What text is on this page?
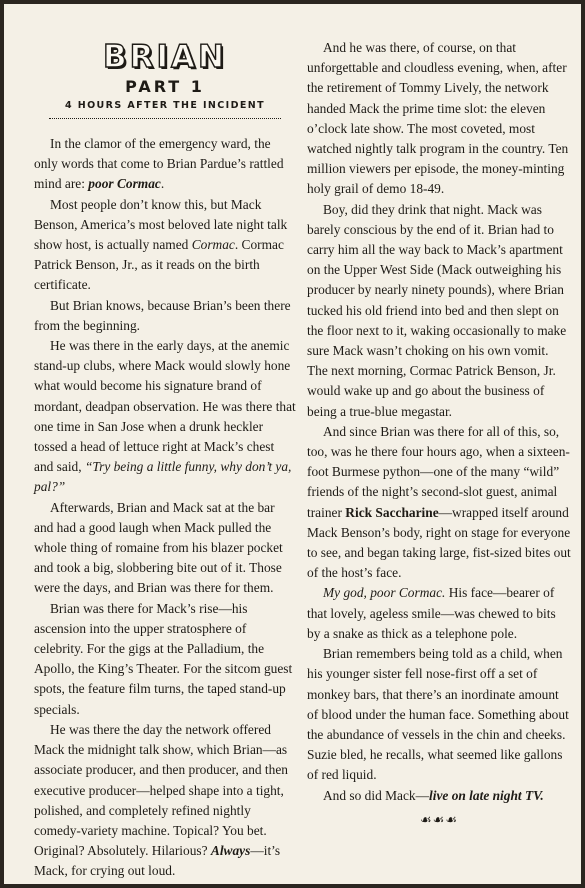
BRIAN
PART 1
4 HOURS AFTER THE INCIDENT

In the clamor of the emergency ward, the only words that come to Brian Pardue’s rattled mind are: poor Cormac.

Most people don’t know this, but Mack Benson, America’s most beloved late night talk show host, is actually named Cormac. Cormac Patrick Benson, Jr., as it reads on the birth certificate.

But Brian knows, because Brian’s been there from the beginning.

He was there in the early days, at the anemic stand-up clubs, where Mack would slowly hone what would become his signature brand of mordant, deadpan observation. He was there that one time in San Jose when a drunk heckler tossed a head of lettuce right at Mack’s chest and said, “Try being a little funny, why don’t ya, pal?”

Afterwards, Brian and Mack sat at the bar and had a good laugh when Mack pulled the whole thing of romaine from his blazer pocket and took a big, slobbering bite out of it. Those were the days, and Brian was there for them.

Brian was there for Mack’s rise—his ascension into the upper stratosphere of celebrity. For the gigs at the Palladium, the Apollo, the King’s Theater. For the sitcom guest spots, the feature film turns, the taped stand-up specials.

He was there the day the network offered Mack the midnight talk show, which Brian—as associate producer, and then producer, and then executive producer—helped shape into a tight, polished, and completely refined nightly comedy-variety machine. Topical? You bet. Original? Absolutely. Hilarious? Always—it’s Mack, for crying out loud.

And he was there, of course, on that unforgettable and cloudless evening, when, after the retirement of Tommy Lively, the network handed Mack the prime time slot: the eleven o’clock late show. The most coveted, most watched nightly talk program in the country. Ten million viewers per episode, the money-minting holy grail of demo 18-49.

Boy, did they drink that night. Mack was barely conscious by the end of it. Brian had to carry him all the way back to Mack’s apartment on the Upper West Side (Mack outweighing his producer by nearly ninety pounds), where Brian tucked his old friend into bed and then slept on the floor next to it, waking occasionally to make sure Mack wasn’t choking on his own vomit. The next morning, Cormac Patrick Benson, Jr. would wake up and go about the business of being a true-blue megastar.

And since Brian was there for all of this, so, too, was he there four hours ago, when a sixteen-foot Burmese python—one of the many “wild” friends of the night’s second-slot guest, animal trainer Rick Saccharine—wrapped itself around Mack Benson’s body, right on stage for everyone to see, and began taking large, fist-sized bites out of the host’s face.

My god, poor Cormac. His face—bearer of that lovely, ageless smile—was chewed to bits by a snake as thick as a telephone pole.

Brian remembers being told as a child, when his younger sister fell nose-first off a set of monkey bars, that there’s an inordinate amount of blood under the human face. Something about the abundance of vessels in the chin and cheeks. Suzie bled, he recalls, what seemed like gallons of red liquid.

And so did Mack—live on late night TV.

☙☙☙
